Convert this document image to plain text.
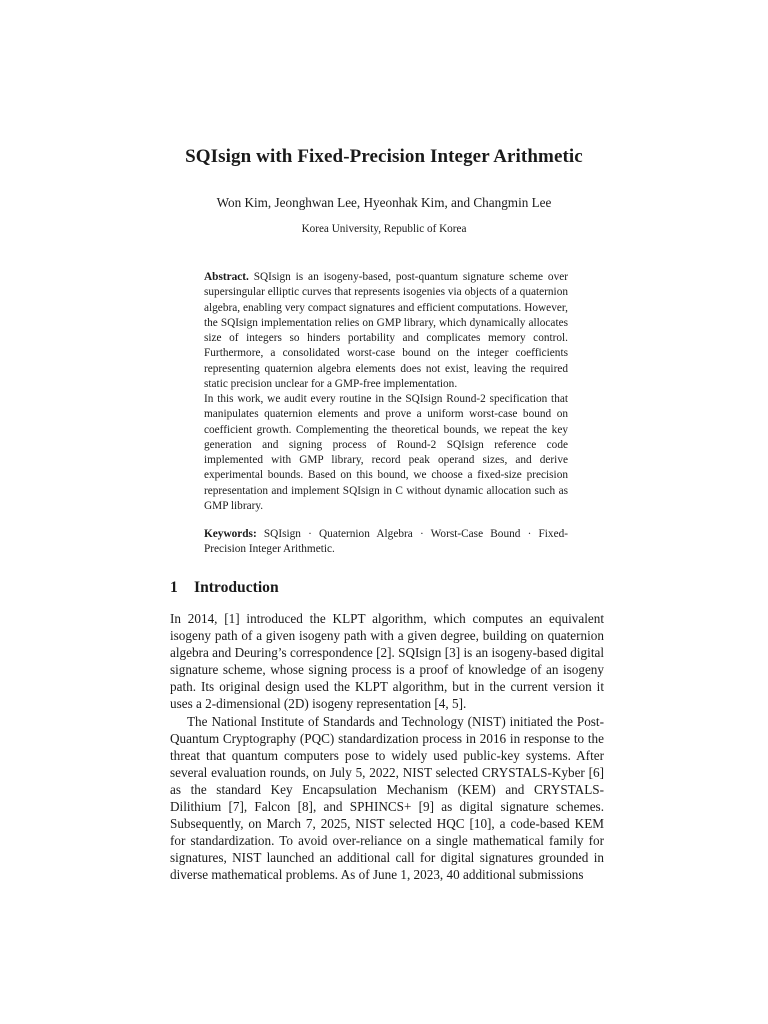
SQIsign with Fixed-Precision Integer Arithmetic
Won Kim, Jeonghwan Lee, Hyeonhak Kim, and Changmin Lee
Korea University, Republic of Korea

Abstract. SQIsign is an isogeny-based, post-quantum signature scheme over supersingular elliptic curves that represents isogenies via objects of a quaternion algebra, enabling very compact signatures and efficient computations. However, the SQIsign implementation relies on GMP library, which dynamically allocates size of integers so hinders portability and complicates memory control. Furthermore, a consolidated worst-case bound on the integer coefficients representing quaternion algebra elements does not exist, leaving the required static precision unclear for a GMP-free implementation.

In this work, we audit every routine in the SQIsign Round-2 specification that manipulates quaternion elements and prove a uniform worst-case bound on coefficient growth. Complementing the theoretical bounds, we repeat the key generation and signing process of Round-2 SQIsign reference code implemented with GMP library, record peak operand sizes, and derive experimental bounds. Based on this bound, we choose a fixed-size precision representation and implement SQIsign in C without dynamic allocation such as GMP library.

Keywords: SQIsign · Quaternion Algebra · Worst-Case Bound · Fixed-Precision Integer Arithmetic.

1 Introduction

In 2014, [1] introduced the KLPT algorithm, which computes an equivalent isogeny path of a given isogeny path with a given degree, building on quaternion algebra and Deuring’s correspondence [2]. SQIsign [3] is an isogeny-based digital signature scheme, whose signing process is a proof of knowledge of an isogeny path. Its original design used the KLPT algorithm, but in the current version it uses a 2-dimensional (2D) isogeny representation [4, 5].

The National Institute of Standards and Technology (NIST) initiated the Post-Quantum Cryptography (PQC) standardization process in 2016 in response to the threat that quantum computers pose to widely used public-key systems. After several evaluation rounds, on July 5, 2022, NIST selected CRYSTALS-Kyber [6] as the standard Key Encapsulation Mechanism (KEM) and CRYSTALS-Dilithium [7], Falcon [8], and SPHINCS+ [9] as digital signature schemes. Subsequently, on March 7, 2025, NIST selected HQC [10], a code-based KEM for standardization. To avoid over-reliance on a single mathematical family for signatures, NIST launched an additional call for digital signatures grounded in diverse mathematical problems. As of June 1, 2023, 40 additional submissions
